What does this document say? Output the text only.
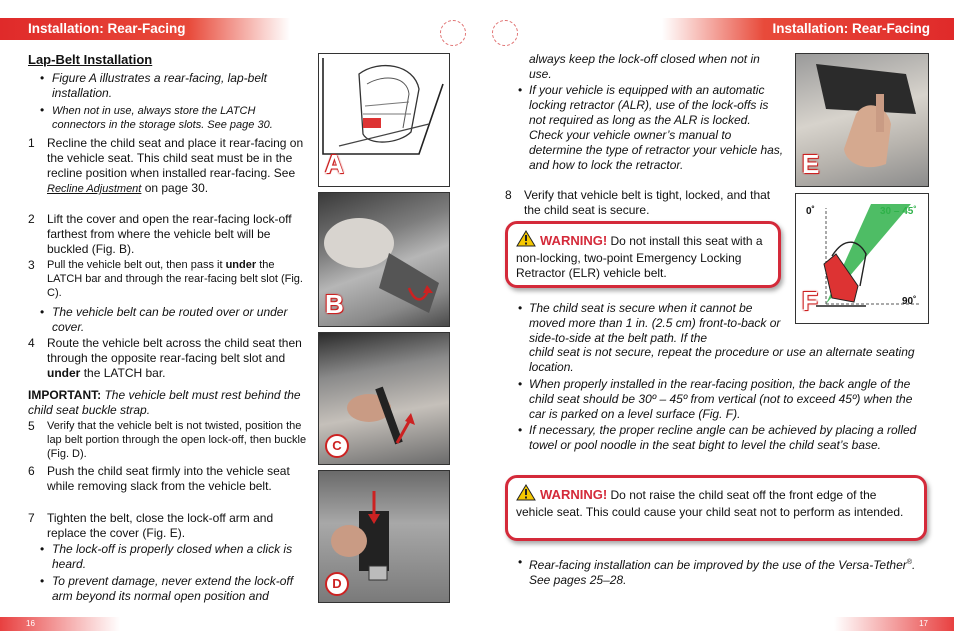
Installation: Rear-Facing	Installation: Rear-Facing
Lap-Belt Installation
• Figure A illustrates a rear-facing, lap-belt installation.
• When not in use, always store the LATCH connectors in the storage slots. See page 30.
1 Recline the child seat and place it rear-facing on the vehicle seat. This child seat must be in the recline position when installed rear-facing. See Recline Adjustment on page 30.
2 Lift the cover and open the rear-facing lock-off farthest from where the vehicle belt will be buckled (Fig. B).
3 Pull the vehicle belt out, then pass it under the LATCH bar and through the rear-facing belt slot (Fig. C).
• The vehicle belt can be routed over or under cover.
4 Route the vehicle belt across the child seat then through the opposite rear-facing belt slot and under the LATCH bar.
IMPORTANT: The vehicle belt must rest behind the child seat buckle strap.
5 Verify that the vehicle belt is not twisted, position the lap belt portion through the open lock-off, then buckle (Fig. D).
6 Push the child seat firmly into the vehicle seat while removing slack from the vehicle belt.
7 Tighten the belt, close the lock-off arm and replace the cover (Fig. E).
• The lock-off is properly closed when a click is heard.
• To prevent damage, never extend the lock-off arm beyond its normal open position and
A
B
C
D
always keep the lock-off closed when not in use.
• If your vehicle is equipped with an automatic locking retractor (ALR), use of the lock-offs is not required as long as the ALR is locked. Check your vehicle owner’s manual to determine the type of retractor your vehicle has, and how to lock the retractor.
8 Verify that vehicle belt is tight, locked, and that the child seat is secure.
WARNING! Do not install this seat with a non-locking, two-point Emergency Locking Retractor (ELR) vehicle belt.
• The child seat is secure when it cannot be moved more than 1 in. (2.5 cm) front-to-back or side-to-side at the belt path. If the
child seat is not secure, repeat the procedure or use an alternate seating location.
• When properly installed in the rear-facing position, the back angle of the child seat should be 30º – 45º from vertical (not to exceed 45º) when the car is parked on a level surface (Fig. F).
• If necessary, the proper recline angle can be achieved by placing a rolled towel or pool noodle in the seat bight to level the child seat’s base.
WARNING! Do not raise the child seat off the front edge of the vehicle seat. This could cause your child seat not to perform as intended.
• Rear-facing installation can be improved by the use of the Versa-Tether®. See pages 25–28.
E
0˚	30 – 45˚
90˚
F
16	17
